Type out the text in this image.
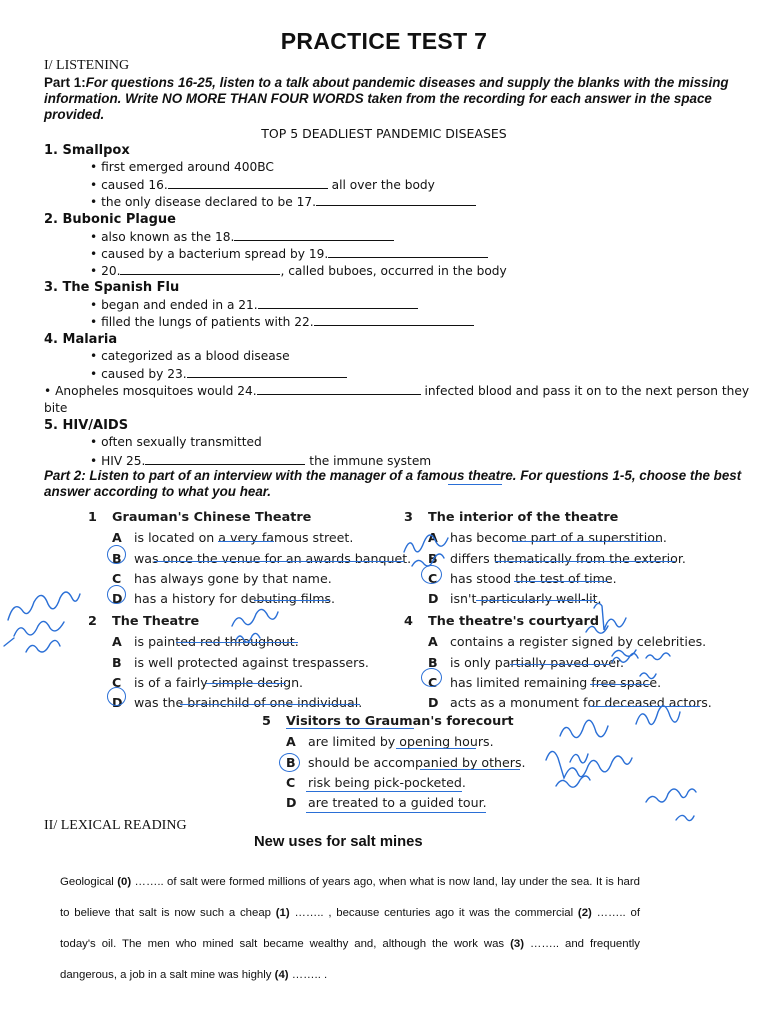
PRACTICE TEST 7
I/ LISTENING
Part 1:For questions 16-25, listen to a talk about pandemic diseases and supply the blanks with the missing information. Write NO MORE THAN FOUR WORDS taken from the recording for each answer in the space provided.
TOP 5 DEADLIEST PANDEMIC DISEASES
1. Smallpox
• first emerged around 400BC
• caused 16.	all over the body
• the only disease declared to be 17.
2. Bubonic Plague
• also known as the 18.
• caused by a bacterium spread by 19.
• 20.	, called buboes, occurred in the body
3. The Spanish Flu
• began and ended in a 21.
• filled the lungs of patients with 22.
4. Malaria
• categorized as a blood disease
• caused by 23.
• Anopheles mosquitoes would 24.	infected blood and pass it on to the next person they bite
5. HIV/AIDS
• often sexually transmitted
• HIV 25.	the immune system
Part 2: Listen to part of an interview with the manager of a famous theatre. For questions 1-5, choose the best answer according to what you hear.
1 Grauman's Chinese Theatre
A is located on a very famous street.
B was once the venue for an awards banquet.
C has always gone by that name.
D has a history for debuting films.
2 The Theatre
A is painted red throughout.
B is well protected against trespassers.
C is of a fairly simple design.
D was the brainchild of one individual.
3 The interior of the theatre
A has become part of a superstition.
B differs thematically from the exterior.
C has stood the test of time.
D isn't particularly well-lit.
4 The theatre's courtyard
A contains a register signed by celebrities.
B is only partially paved over.
C has limited remaining free space.
D acts as a monument for deceased actors.
5 Visitors to Grauman's forecourt
A are limited by opening hours.
B should be accompanied by others.
C risk being pick-pocketed.
D are treated to a guided tour.
II/ LEXICAL READING
New uses for salt mines
Geological (0) …….. of salt were formed millions of years ago, when what is now land, lay under the sea. It is hard to believe that salt is now such a cheap (1) …….. , because centuries ago it was the commercial (2) …….. of today's oil. The men who mined salt became wealthy and, although the work was (3) …….. and frequently dangerous, a job in a salt mine was highly (4) …….. .
